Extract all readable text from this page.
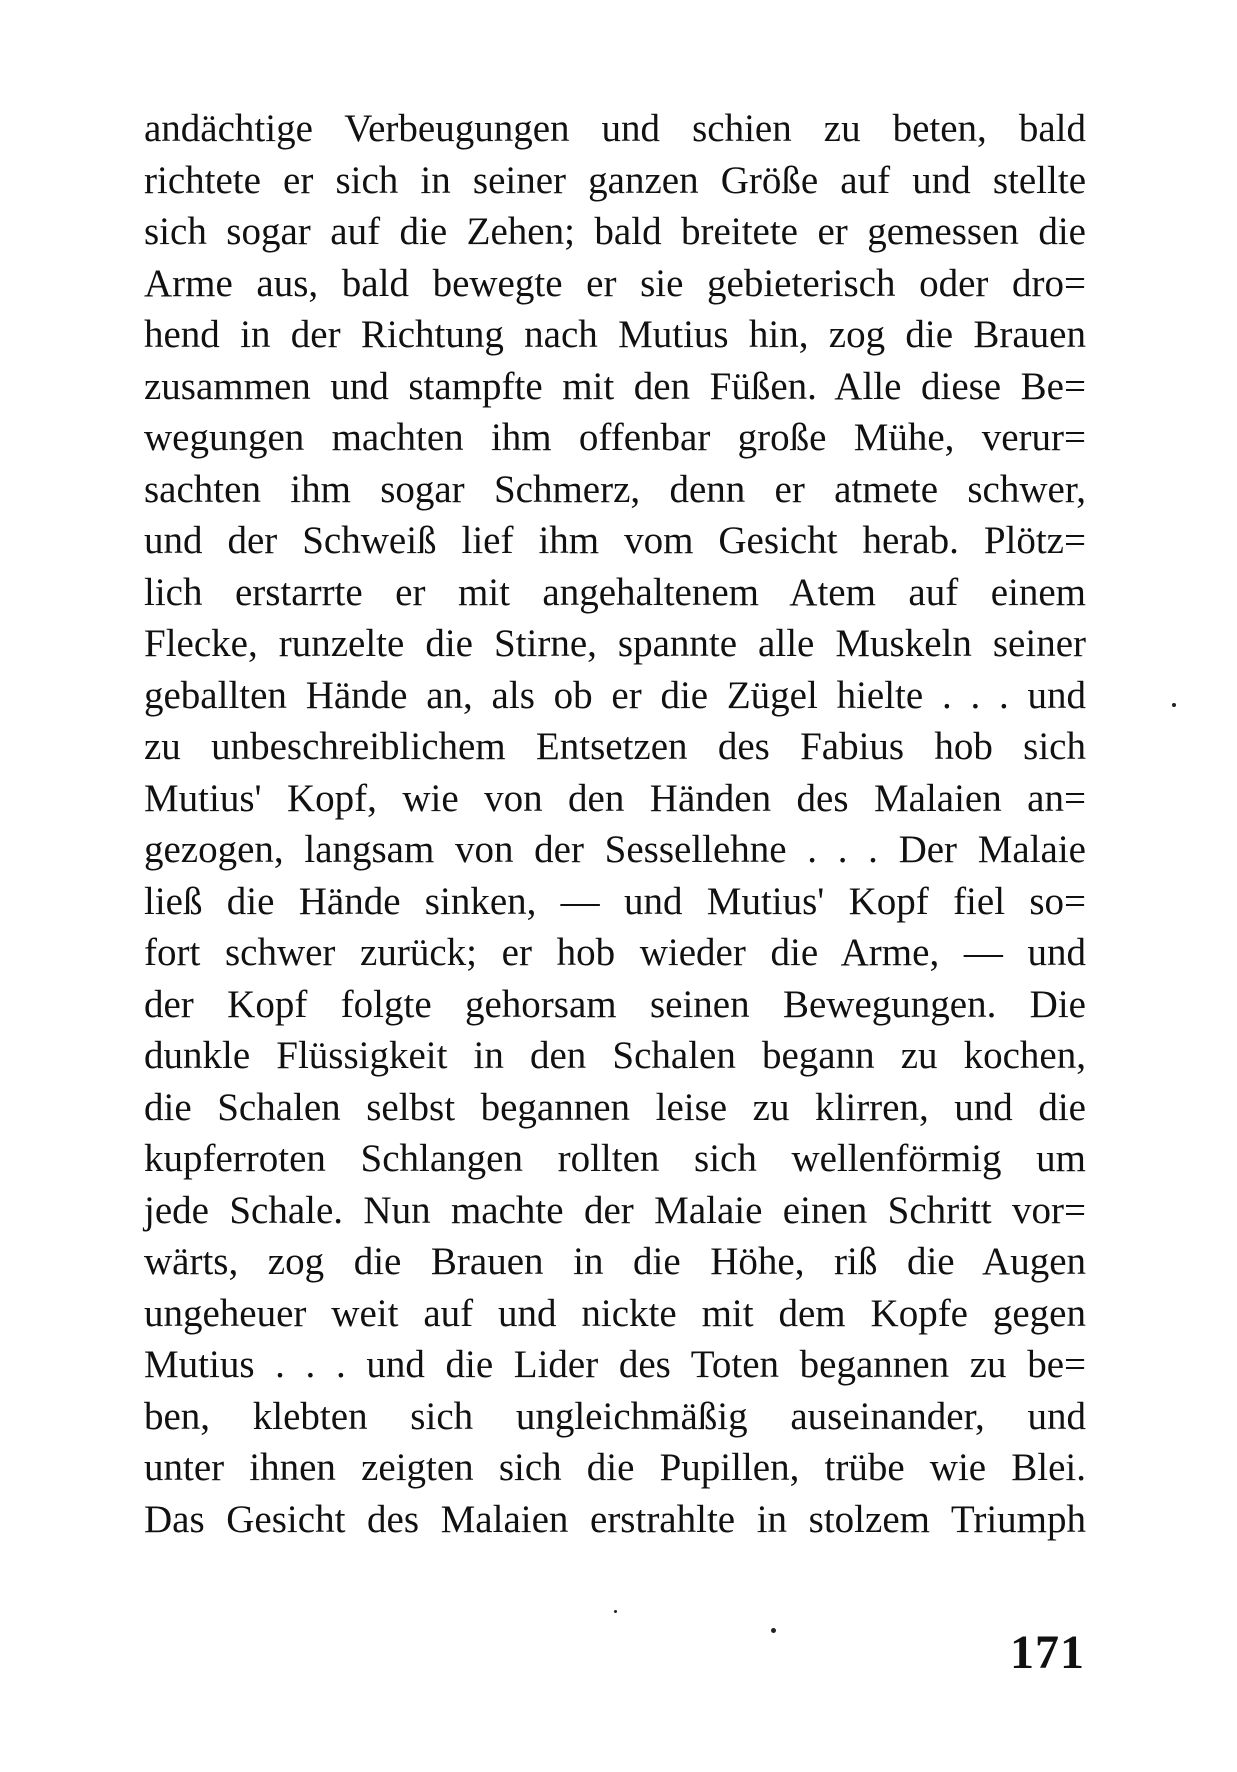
andächtige Verbeugungen und schien zu beten, bald
richtete er sich in seiner ganzen Größe auf und stellte
sich sogar auf die Zehen; bald breitete er gemessen die
Arme aus, bald bewegte er sie gebieterisch oder dro=
hend in der Richtung nach Mutius hin, zog die Brauen
zusammen und stampfte mit den Füßen. Alle diese Be=
wegungen machten ihm offenbar große Mühe, verur=
sachten ihm sogar Schmerz, denn er atmete schwer,
und der Schweiß lief ihm vom Gesicht herab. Plötz=
lich erstarrte er mit angehaltenem Atem auf einem
Flecke, runzelte die Stirne, spannte alle Muskeln seiner
geballten Hände an, als ob er die Zügel hielte . . . und
zu unbeschreiblichem Entsetzen des Fabius hob sich
Mutius' Kopf, wie von den Händen des Malaien an=
gezogen, langsam von der Sessellehne . . . Der Malaie
ließ die Hände sinken, — und Mutius' Kopf fiel so=
fort schwer zurück; er hob wieder die Arme, — und
der Kopf folgte gehorsam seinen Bewegungen. Die
dunkle Flüssigkeit in den Schalen begann zu kochen,
die Schalen selbst begannen leise zu klirren, und die
kupferroten Schlangen rollten sich wellenförmig um
jede Schale. Nun machte der Malaie einen Schritt vor=
wärts, zog die Brauen in die Höhe, riß die Augen
ungeheuer weit auf und nickte mit dem Kopfe gegen
Mutius . . . und die Lider des Toten begannen zu be=
ben, klebten sich ungleichmäßig auseinander, und
unter ihnen zeigten sich die Pupillen, trübe wie Blei.
Das Gesicht des Malaien erstrahlte in stolzem Triumph
171
